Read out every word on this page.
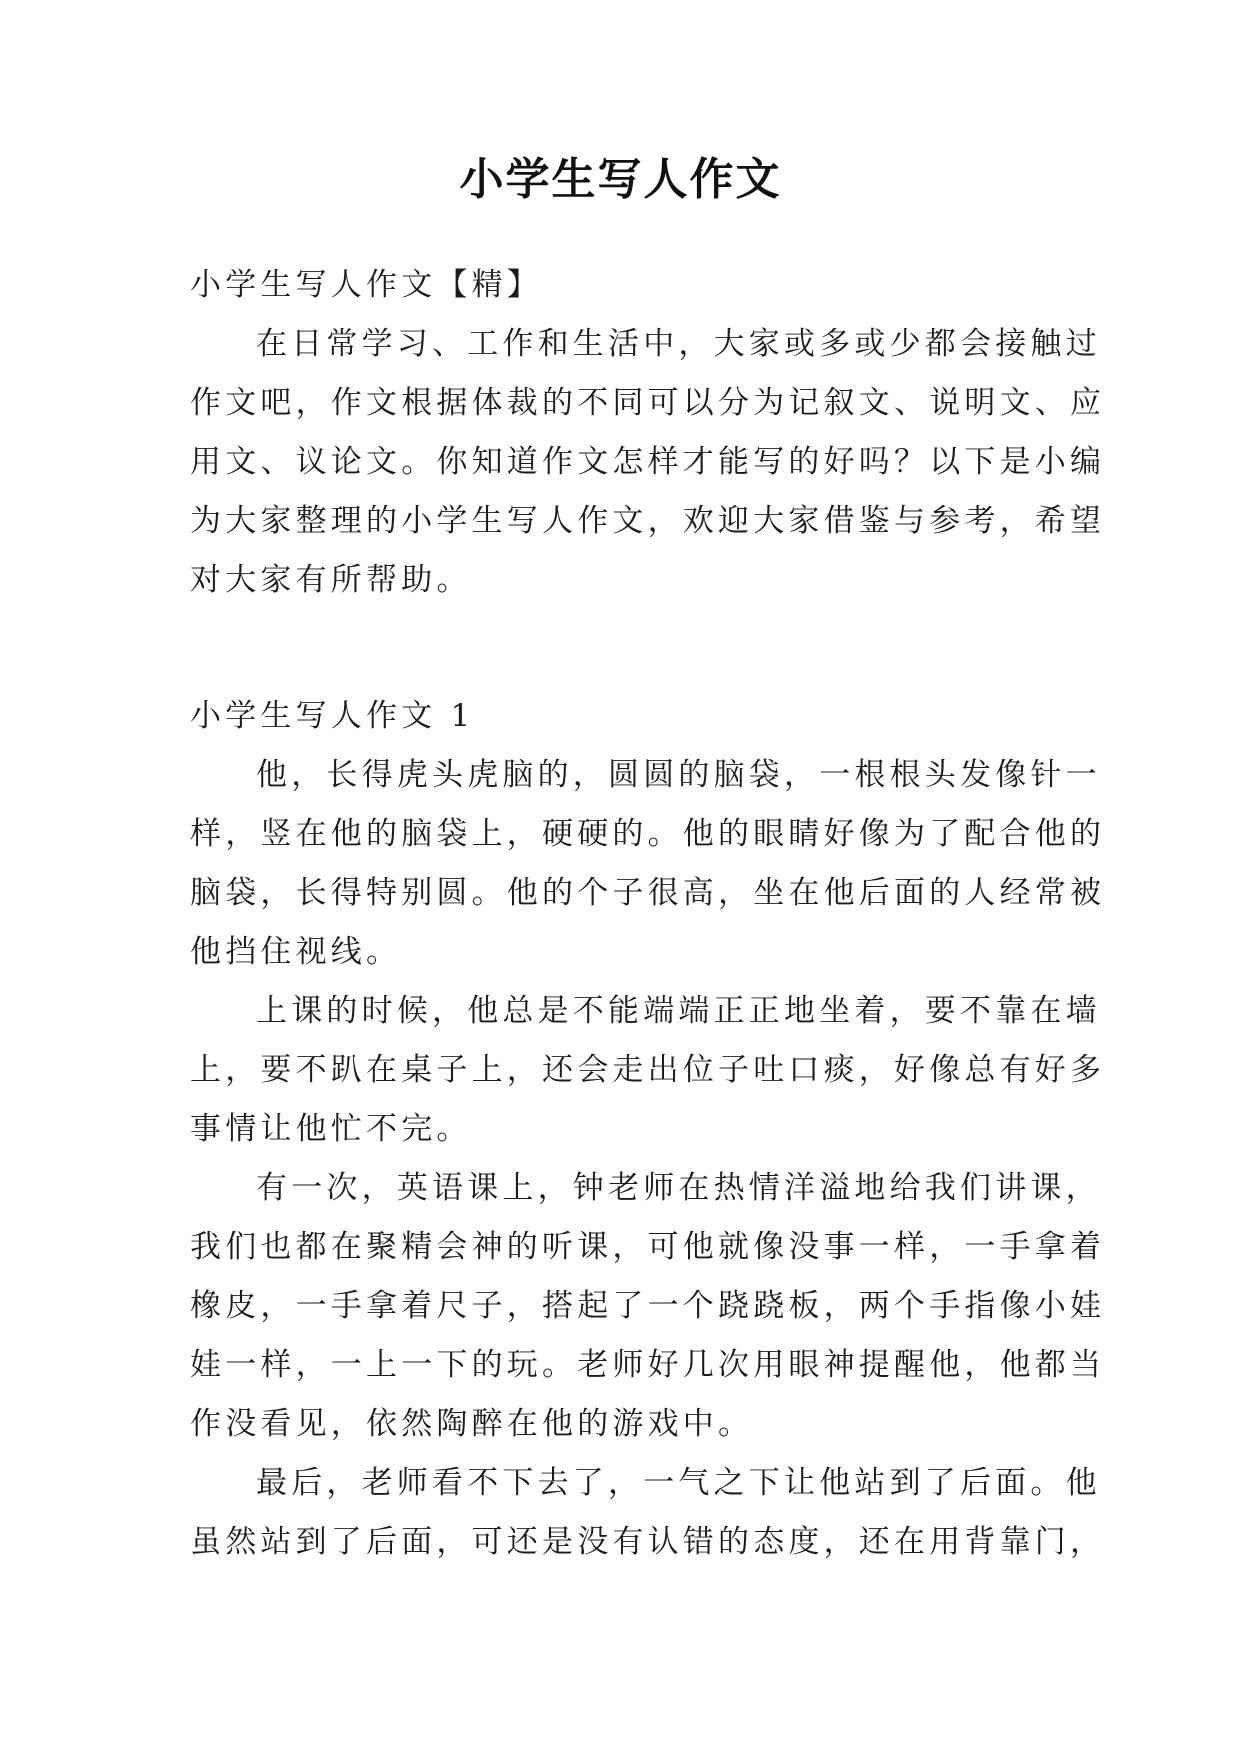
小学生写人作文
小学生写人作文【精】
在日常学习、工作和生活中，大家或多或少都会接触过
作文吧，作文根据体裁的不同可以分为记叙文、说明文、应
用文、议论文。你知道作文怎样才能写的好吗？以下是小编
为大家整理的小学生写人作文，欢迎大家借鉴与参考，希望
对大家有所帮助。
小学生写人作文 1
他，长得虎头虎脑的，圆圆的脑袋，一根根头发像针一
样，竖在他的脑袋上，硬硬的。他的眼睛好像为了配合他的
脑袋，长得特别圆。他的个子很高，坐在他后面的人经常被
他挡住视线。
上课的时候，他总是不能端端正正地坐着，要不靠在墙
上，要不趴在桌子上，还会走出位子吐口痰，好像总有好多
事情让他忙不完。
有一次，英语课上，钟老师在热情洋溢地给我们讲课，
我们也都在聚精会神的听课，可他就像没事一样，一手拿着
橡皮，一手拿着尺子，搭起了一个跷跷板，两个手指像小娃
娃一样，一上一下的玩。老师好几次用眼神提醒他，他都当
作没看见，依然陶醉在他的游戏中。
最后，老师看不下去了，一气之下让他站到了后面。他
虽然站到了后面，可还是没有认错的态度，还在用背靠门，
